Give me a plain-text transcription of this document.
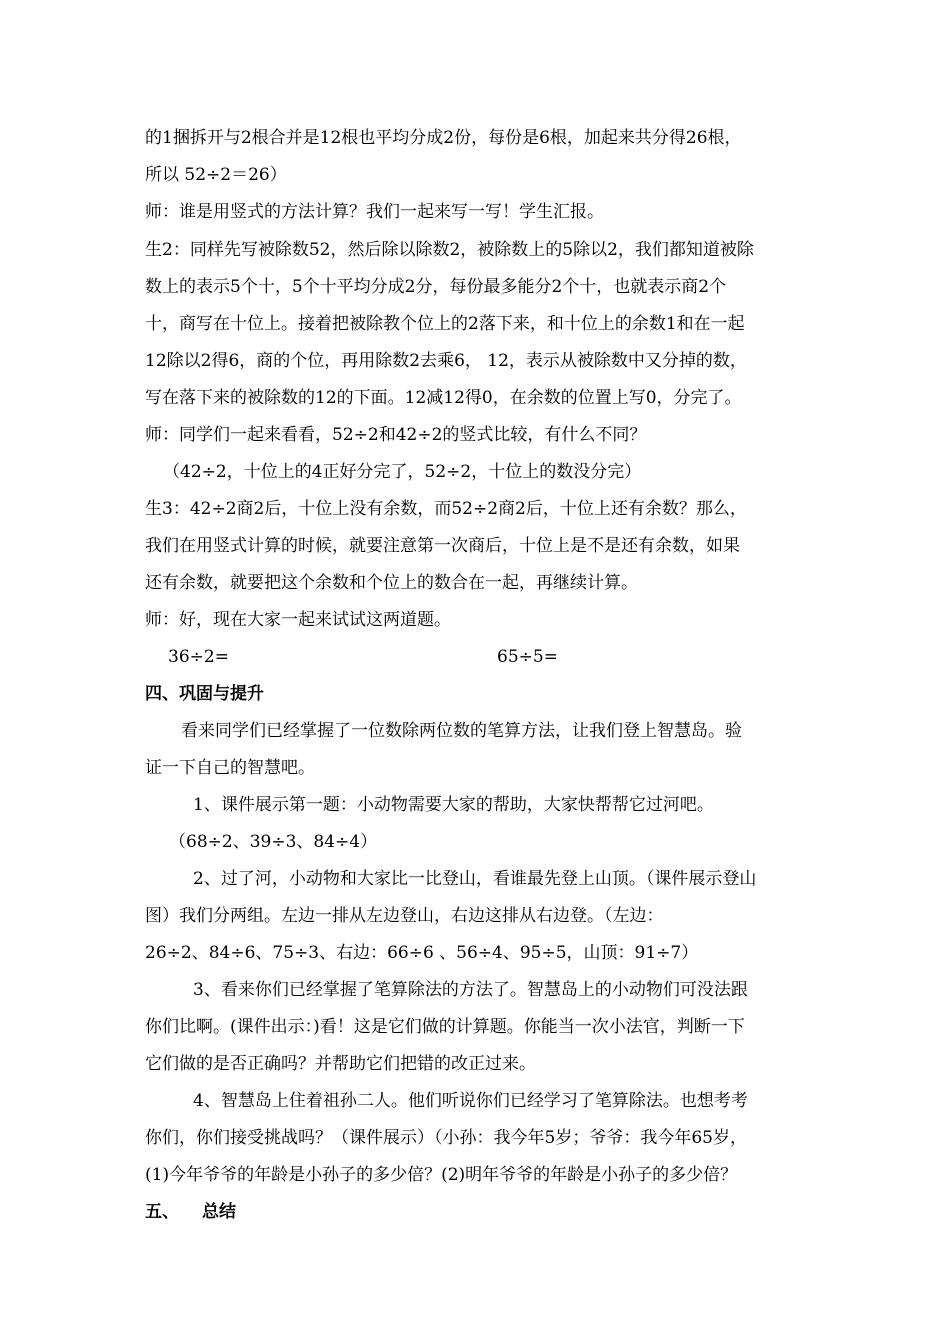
的1捆拆开与2根合并是12根也平均分成2份，每份是6根，加起来共分得26根，
所以 52÷2＝26）
师：谁是用竖式的方法计算？我们一起来写一写！学生汇报。
生2：同样先写被除数52，然后除以除数2，被除数上的5除以2，我们都知道被除
数上的表示5个十，5个十平均分成2分，每份最多能分2个十，也就表示商2个
十，商写在十位上。接着把被除教个位上的2落下来，和十位上的余数1和在一起
12除以2得6，商的个位，再用除数2去乘6， 12，表示从被除数中又分掉的数，
写在落下来的被除数的12的下面。12减12得0，在余数的位置上写0，分完了。
师：同学们一起来看看，52÷2和42÷2的竖式比较，有什么不同？
（42÷2，十位上的4正好分完了，52÷2，十位上的数没分完）
生3：42÷2商2后，十位上没有余数，而52÷2商2后，十位上还有余数？那么，
我们在用竖式计算的时候，就要注意第一次商后，十位上是不是还有余数，如果
还有余数，就要把这个余数和个位上的数合在一起，再继续计算。
师：好，现在大家一起来试试这两道题。
36÷2=	65÷5=
四、巩固与提升
看来同学们已经掌握了一位数除两位数的笔算方法，让我们登上智慧岛。验
证一下自己的智慧吧。
1、课件展示第一题：小动物需要大家的帮助，大家快帮帮它过河吧。
（68÷2、39÷3、84÷4）
2、过了河，小动物和大家比一比登山，看谁最先登上山顶。（课件展示登山
图）我们分两组。左边一排从左边登山，右边这排从右边登。（左边：
26÷2、84÷6、75÷3、右边：66÷6 、56÷4、95÷5，山顶：91÷7）
3、看来你们已经掌握了笔算除法的方法了。智慧岛上的小动物们可没法跟
你们比啊。(课件出示：)看！这是它们做的计算题。你能当一次小法官，判断一下
它们做的是否正确吗？并帮助它们把错的改正过来。
4、智慧岛上住着祖孙二人。他们听说你们已经学习了笔算除法。也想考考
你们，你们接受挑战吗？（课件展示）（小孙：我今年5岁；爷爷：我今年65岁，
(1)今年爷爷的年龄是小孙子的多少倍？(2)明年爷爷的年龄是小孙子的多少倍？
五、 总结
